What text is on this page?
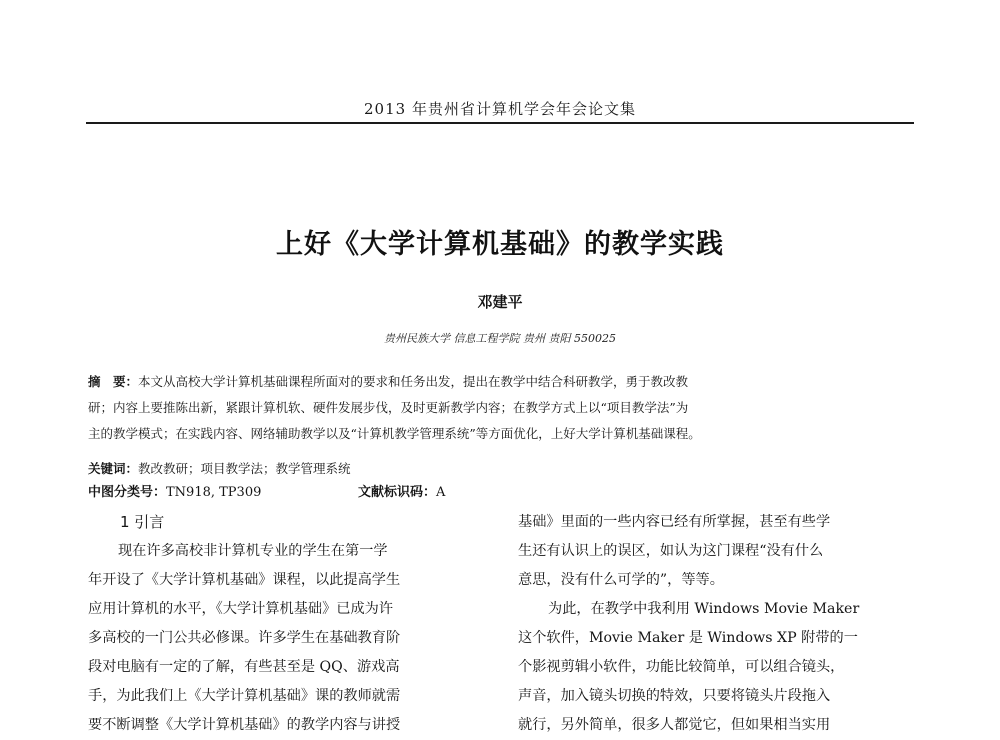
2013 年贵州省计算机学会年会论文集
上好《大学计算机基础》的教学实践
邓建平
贵州民族大学 信息工程学院 贵州 贵阳 550025
摘　要：本文从高校大学计算机基础课程所面对的要求和任务出发，提出在教学中结合科研教学，勇于教改教
研；内容上要推陈出新，紧跟计算机软、硬件发展步伐，及时更新教学内容；在教学方式上以“项目教学法”为
主的教学模式；在实践内容、网络辅助教学以及“计算机教学管理系统”等方面优化，上好大学计算机基础课程。
关键词：教改教研；项目教学法；教学管理系统
中图分类号：TN918, TP309	文献标识码：A
1 引言
现在许多高校非计算机专业的学生在第一学
年开设了《大学计算机基础》课程，以此提高学生
应用计算机的水平，《大学计算机基础》已成为许
多高校的一门公共必修课。许多学生在基础教育阶
段对电脑有一定的了解，有些甚至是 QQ、游戏高
手，为此我们上《大学计算机基础》课的教师就需
要不断调整《大学计算机基础》的教学内容与讲授
基础》里面的一些内容已经有所掌握，甚至有些学
生还有认识上的误区，如认为这门课程“没有什么
意思，没有什么可学的”，等等。
为此，在教学中我利用 Windows Movie Maker
这个软件，Movie Maker 是 Windows XP 附带的一
个影视剪辑小软件，功能比较简单，可以组合镜头，
声音，加入镜头切换的特效，只要将镜头片段拖入
就行，另外简单，很多人都觉它，但如果相当实用
